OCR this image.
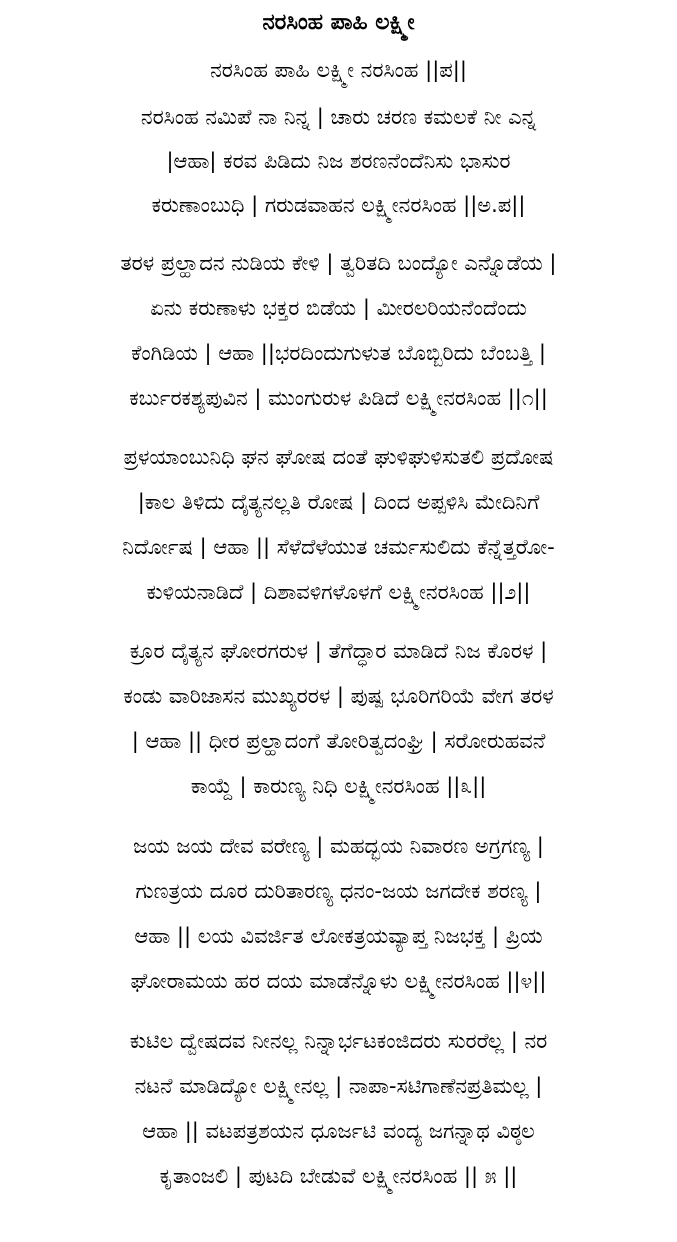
ನರಸಿಂಹ ಪಾಹಿ ಲಕ್ಷ್ಮೀ
ನರಸಿಂಹ ಪಾಹಿ ಲಕ್ಷ್ಮೀ ನರಸಿಂಹ ||ಪ||
ನರಸಿಂಹ ನಮಿಪೆ ನಾ ನಿನ್ನ | ಚಾರು ಚರಣ ಕಮಲಕೆ ನೀ ಎನ್ನ
|ಆಹಾ| ಕರವ ಪಿಡಿದು ನಿಜ ಶರಣನೆಂದೆನಿಸು ಭಾಸುರ
ಕರುಣಾಂಬುಧಿ | ಗರುಡವಾಹನ ಲಕ್ಷ್ಮೀನರಸಿಂಹ ||ಅ.ಪ||
ತರಳ ಪ್ರಲ್ಹಾದನ ನುಡಿಯ ಕೇಳಿ | ತ್ವರಿತದಿ ಬಂದ್ಯೋ ಎನ್ನೊಡೆಯ |
ಏನು ಕರುಣಾಳು ಭಕ್ತರ ಬಿಡೆಯ | ಮೀರಲರಿಯನೆಂದೆಂದು
ಕೆಂಗಿಡಿಯ | ಆಹಾ ||ಭರದಿಂದುಗುಳುತ ಬೊಬ್ಬಿರಿದು ಬೆಂಬತ್ತಿ |
ಕರ್ಬುರಕಶ್ಯಪುವಿನ | ಮುಂಗುರುಳ ಪಿಡಿದೆ ಲಕ್ಷ್ಮೀನರಸಿಂಹ ||೧||
ಪ್ರಳಯಾಂಬುನಿಧಿ ಘನ ಘೋಷ ದಂತೆ ಘುಳಿಘುಳಿಸುತಲಿ ಪ್ರದೋಷ
|ಕಾಲ ತಿಳಿದು ದೈತ್ಯನಲ್ಲತಿ ರೋಷ | ದಿಂದ ಅಪ್ಪಳಿಸಿ ಮೇದಿನಿಗೆ
ನಿರ್ದೋಷ | ಆಹಾ || ಸೆಳೆದೆಳೆಯುತ ಚರ್ಮಸುಲಿದು ಕೆನ್ನೆತ್ತರೋ-
ಕುಳಿಯನಾಡಿದೆ | ದಿಶಾವಳಿಗಳೊಳಗೆ ಲಕ್ಷ್ಮೀನರಸಿಂಹ ||೨||
ಕ್ರೂರ ದೈತ್ಯನ ಘೋರಗರುಳ | ತೆಗೆದ್ಧಾರ ಮಾಡಿದೆ ನಿಜ ಕೊರಳ |
ಕಂಡು ವಾರಿಜಾಸನ ಮುಖ್ಯರರಳ | ಪುಷ್ಪ ಭೂರಿಗರಿಯೆ ವೇಗ ತರಳ
| ಆಹಾ || ಧೀರ ಪ್ರಲ್ಹಾದಂಗೆ ತೋರಿತ್ವದಂಘ್ರಿ | ಸರೋರುಹವನೆ
ಕಾಯ್ದೆ | ಕಾರುಣ್ಯ ನಿಧಿ ಲಕ್ಷ್ಮೀನರಸಿಂಹ ||೩||
ಜಯ ಜಯ ದೇವ ವರೇಣ್ಯ | ಮಹದ್ಭಯ ನಿವಾರಣ ಅಗ್ರಗಣ್ಯ |
ಗುಣತ್ರಯ ದೂರ ದುರಿತಾರಣ್ಯ ಧನಂ-ಜಯ ಜಗದೇಕ ಶರಣ್ಯ |
ಆಹಾ || ಲಯ ವಿವರ್ಜಿತ ಲೋಕತ್ರಯವ್ಯಾಪ್ತ ನಿಜಭಕ್ತ | ಪ್ರಿಯ
ಘೋರಾಮಯ ಹರ ದಯ ಮಾಡೆನ್ನೊಳು ಲಕ್ಷ್ಮೀನರಸಿಂಹ ||೪||
ಕುಟಿಲ ದ್ವೇಷದವ ನೀನಲ್ಲ ನಿನ್ನಾರ್ಭಟಕಂಜಿದರು ಸುರರೆಲ್ಲ | ನರ
ನಟನೆ ಮಾಡಿದ್ಯೋ ಲಕ್ಷ್ಮೀನಲ್ಲ | ನಾಪಾ-ಸಟಿಗಾಣೆನಪ್ರತಿಮಲ್ಲ |
ಆಹಾ || ವಟಪತ್ರಶಯನ ಧೂರ್ಜಟಿ ವಂದ್ಯ ಜಗನ್ನಾಥ ವಿಠ್ಠಲ
ಕೃತಾಂಜಲಿ | ಪುಟದಿ ಬೇಡುವೆ ಲಕ್ಷ್ಮೀನರಸಿಂಹ || ೫ ||
